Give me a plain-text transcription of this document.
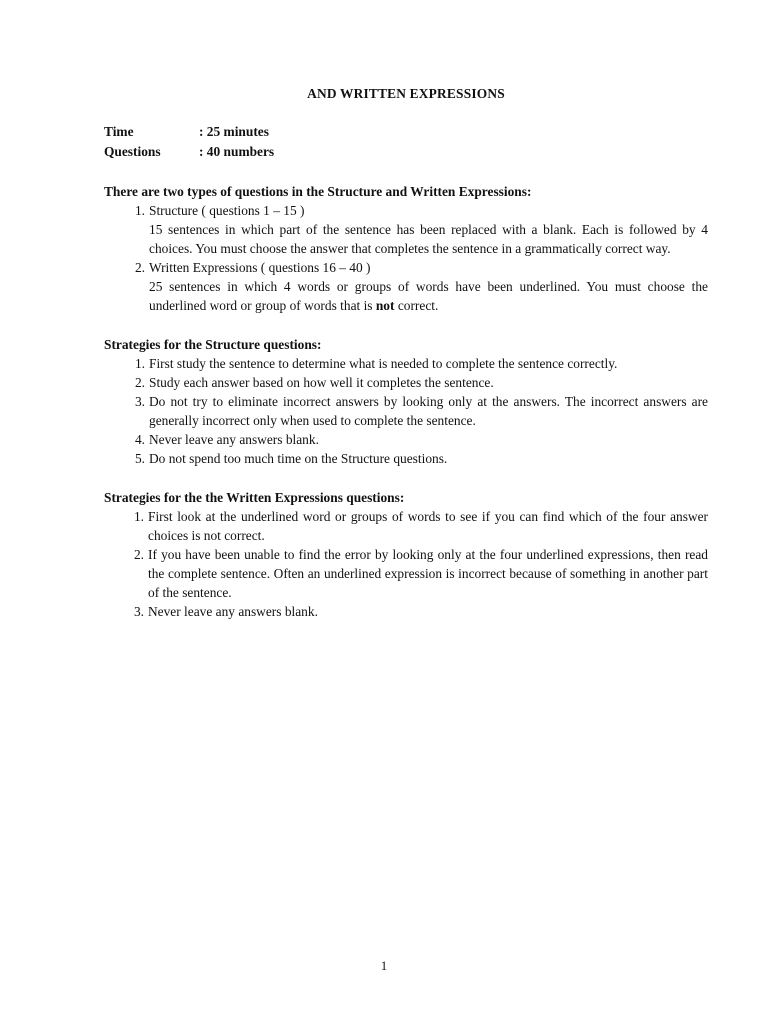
AND WRITTEN EXPRESSIONS
Time	: 25 minutes
Questions	: 40 numbers
There are two types of questions in the Structure and Written Expressions:
1. Structure ( questions 1 – 15 )
15 sentences in which part of the sentence has been replaced with a blank. Each is followed by 4 choices. You must choose the answer that completes the sentence in a grammatically correct way.
2. Written Expressions ( questions 16 – 40 )
25 sentences in which 4 words or groups of words have been underlined. You must choose the underlined word or group of words that is not correct.
Strategies for the Structure questions:
1. First study the sentence to determine what is needed to complete the sentence correctly.
2. Study each answer based on how well it completes the sentence.
3. Do not try to eliminate incorrect answers by looking only at the answers. The incorrect answers are generally incorrect only when used to complete the sentence.
4. Never leave any answers blank.
5. Do not spend too much time on the Structure questions.
Strategies for the the Written Expressions questions:
1. First look at the underlined word or groups of words to see if you can find which of the four answer choices is not correct.
2. If you have been unable to find the error by looking only at the four underlined expressions, then read the complete sentence. Often an underlined expression is incorrect because of something in another part of the sentence.
3. Never leave any answers blank.
1
